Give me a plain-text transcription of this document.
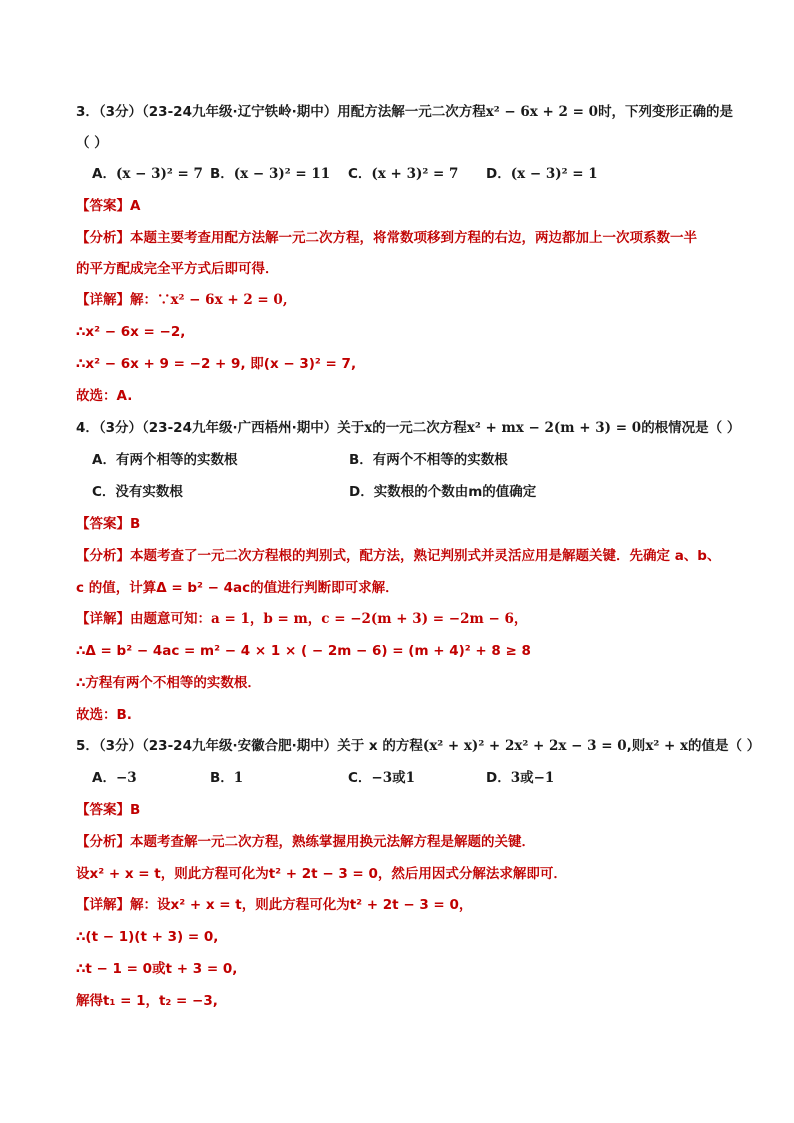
3．（3分）（23-24九年级·辽宁铁岭·期中）用配方法解一元二次方程x² − 6x + 2 = 0时，下列变形正确的是
（ ）
A．(x − 3)² = 7 B．(x − 3)² = 11 C．(x + 3)² = 7 D．(x − 3)² = 1
【答案】A
【分析】本题主要考查用配方法解一元二次方程，将常数项移到方程的右边，两边都加上一次项系数一半
的平方配成完全平方式后即可得．
【详解】解：∵x² − 6x + 2 = 0,
∴x² − 6x = −2,
∴x² − 6x + 9 = −2 + 9, 即(x − 3)² = 7,
故选：A.
4．（3分）（23-24九年级·广西梧州·期中）关于x的一元二次方程x² + mx − 2(m + 3) = 0的根情况是（ ）
A．有两个相等的实数根	B．有两个不相等的实数根
C．没有实数根	D．实数根的个数由m的值确定
【答案】B
【分析】本题考查了一元二次方程根的判别式，配方法，熟记判别式并灵活应用是解题关键．先确定 a、b、
c 的值，计算Δ = b² − 4ac的值进行判断即可求解．
【详解】由题意可知：a = 1，b = m，c = −2(m + 3) = −2m − 6，
∴Δ = b² − 4ac = m² − 4 × 1 × ( − 2m − 6) = (m + 4)² + 8 ≥ 8
∴方程有两个不相等的实数根．
故选：B.
5．（3分）（23-24九年级·安徽合肥·期中）关于 x 的方程(x² + x)² + 2x² + 2x − 3 = 0,则x² + x的值是（ ）
A．−3	B．1	C．−3或1	D．3或−1
【答案】B
【分析】本题考查解一元二次方程，熟练掌握用换元法解方程是解题的关键．
设x² + x = t，则此方程可化为t² + 2t − 3 = 0，然后用因式分解法求解即可．
【详解】解：设x² + x = t，则此方程可化为t² + 2t − 3 = 0，
∴(t − 1)(t + 3) = 0,
∴t − 1 = 0或t + 3 = 0,
解得t₁ = 1，t₂ = −3,
